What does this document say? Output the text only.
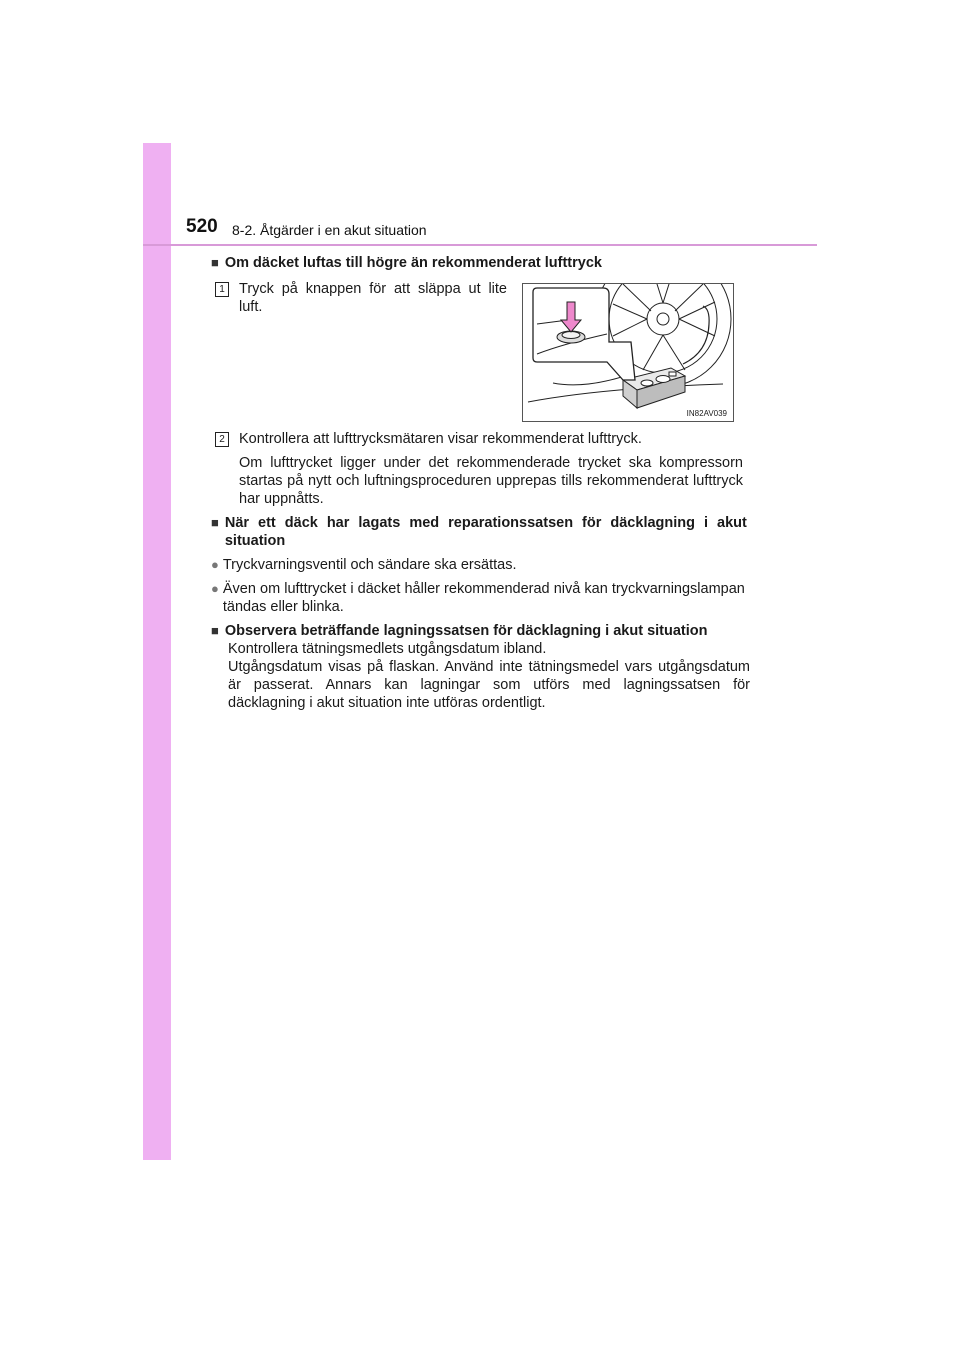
520 8-2. Åtgärder i en akut situation
■ Om däcket luftas till högre än rekommenderat lufttryck
1 Tryck på knappen för att släppa ut lite luft.
2 Kontrollera att lufttrycksmätaren visar rekommenderat lufttryck.
Om lufttrycket ligger under det rekommenderade trycket ska kompressorn startas på nytt och luftningsproceduren upprepas tills rekommenderat lufttryck har uppnåtts.
■ När ett däck har lagats med reparationssatsen för däcklagning i akut situation
● Tryckvarningsventil och sändare ska ersättas.
● Även om lufttrycket i däcket håller rekommenderad nivå kan tryckvarningslampan tändas eller blinka.
■ Observera beträffande lagningssatsen för däcklagning i akut situation
Kontrollera tätningsmedlets utgångsdatum ibland.
Utgångsdatum visas på flaskan. Använd inte tätningsmedel vars utgångsdatum är passerat. Annars kan lagningar som utförs med lagningssatsen för däcklagning i akut situation inte utföras ordentligt.
IN82AV039
